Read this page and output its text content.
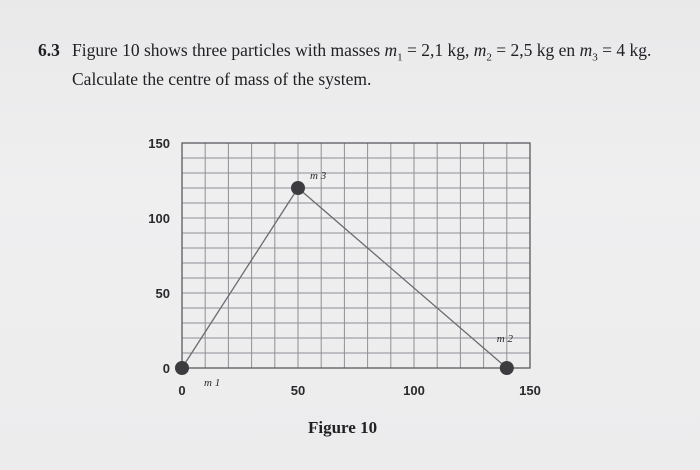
6.3 Figure 10 shows three particles with masses $m_1 = 2,1$ kg, $m_2 = 2,5$ kg en $m_3 = 4$ kg. Calculate the centre of mass of the system.
0	50	100	150
0
50
100
150
m 1
m 3
m 2
Figure 10
